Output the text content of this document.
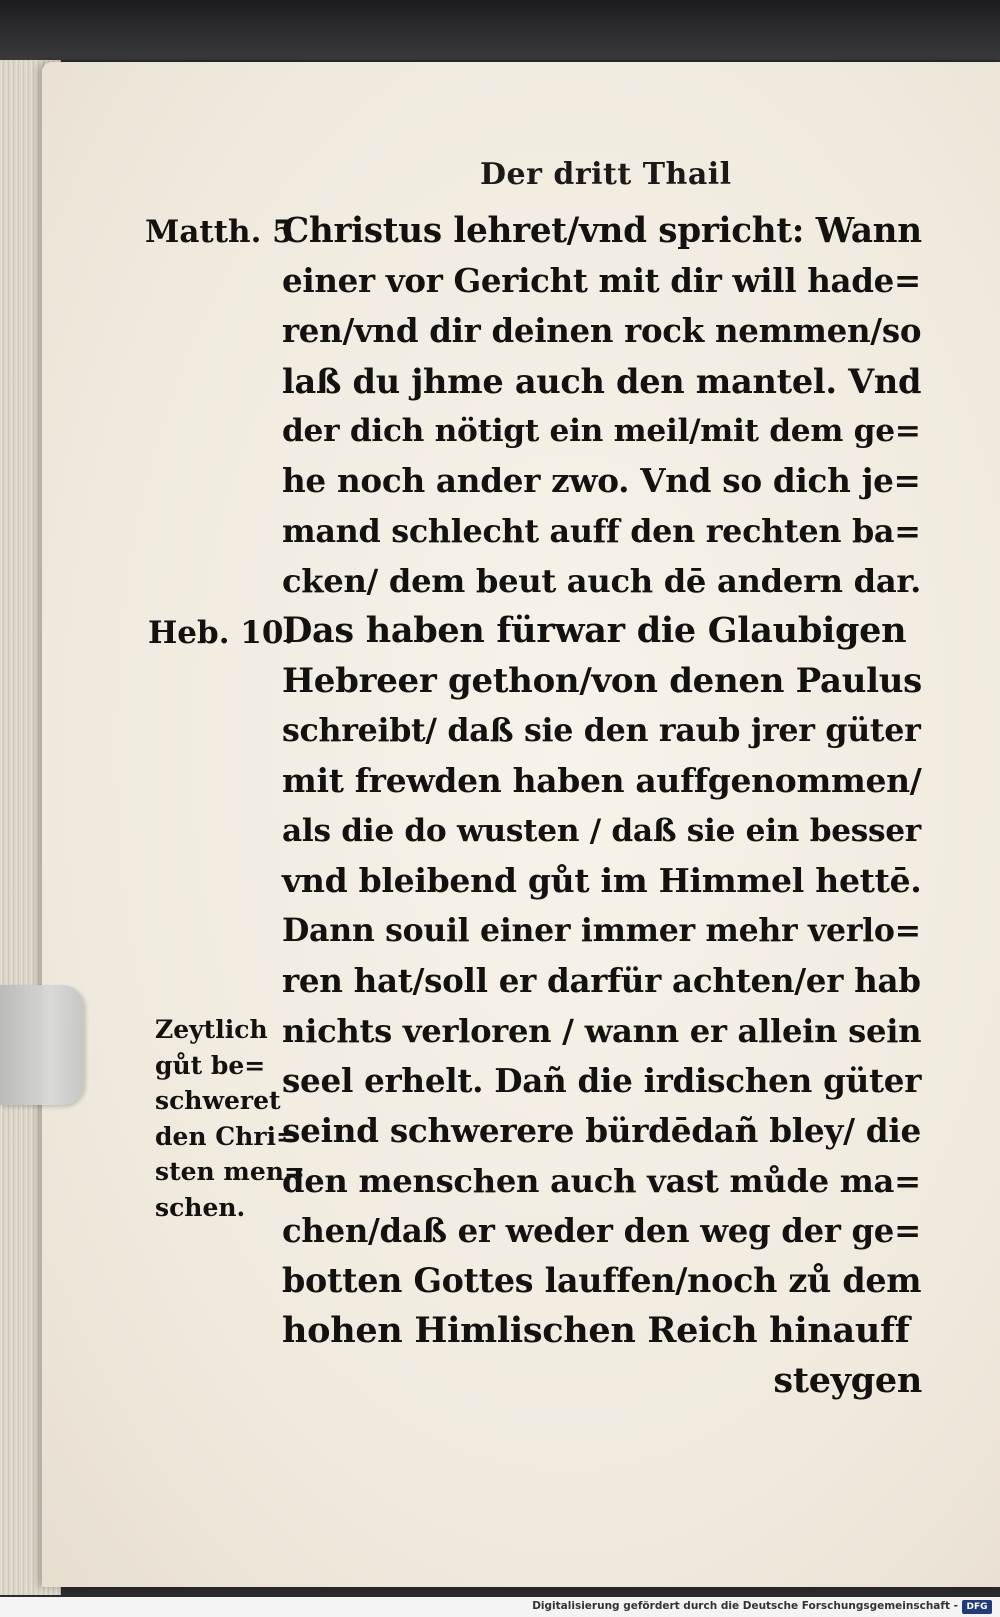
Der dritt Thail
Matth. 5
Heb. 10.
Christus lehret/vnd spricht: Wann
einer vor Gericht mit dir will hade=
ren/vnd dir deinen rock nemmen/so
laß du jhme auch den mantel. Vnd
der dich nötigt ein meil/mit dem ge=
he noch ander zwo. Vnd so dich je=
mand schlecht auff den rechten ba=
cken/ dem beut auch dē andern dar.
Das haben fürwar die Glaubigen
Hebreer gethon/von denen Paulus
schreibt/ daß sie den raub jrer güter
mit frewden haben auffgenommen/
als die do wusten / daß sie ein besser
vnd bleibend gůt im Himmel hettē.
Dann souil einer immer mehr verlo=
ren hat/soll er darfür achten/er hab
nichts verloren / wann er allein sein
seel erhelt. Dañ die irdischen güter
seind schwerere bürdēdañ bley/ die
den menschen auch vast můde ma=
chen/daß er weder den weg der ge=
botten Gottes lauffen/noch zů dem
hohen Himlischen Reich hinauff
steygen
Zeytlich
gůt be=
schweret
den Chri=
sten men=
schen.
Digitalisierung gefördert durch die Deutsche Forschungsgemeinschaft - DFG
